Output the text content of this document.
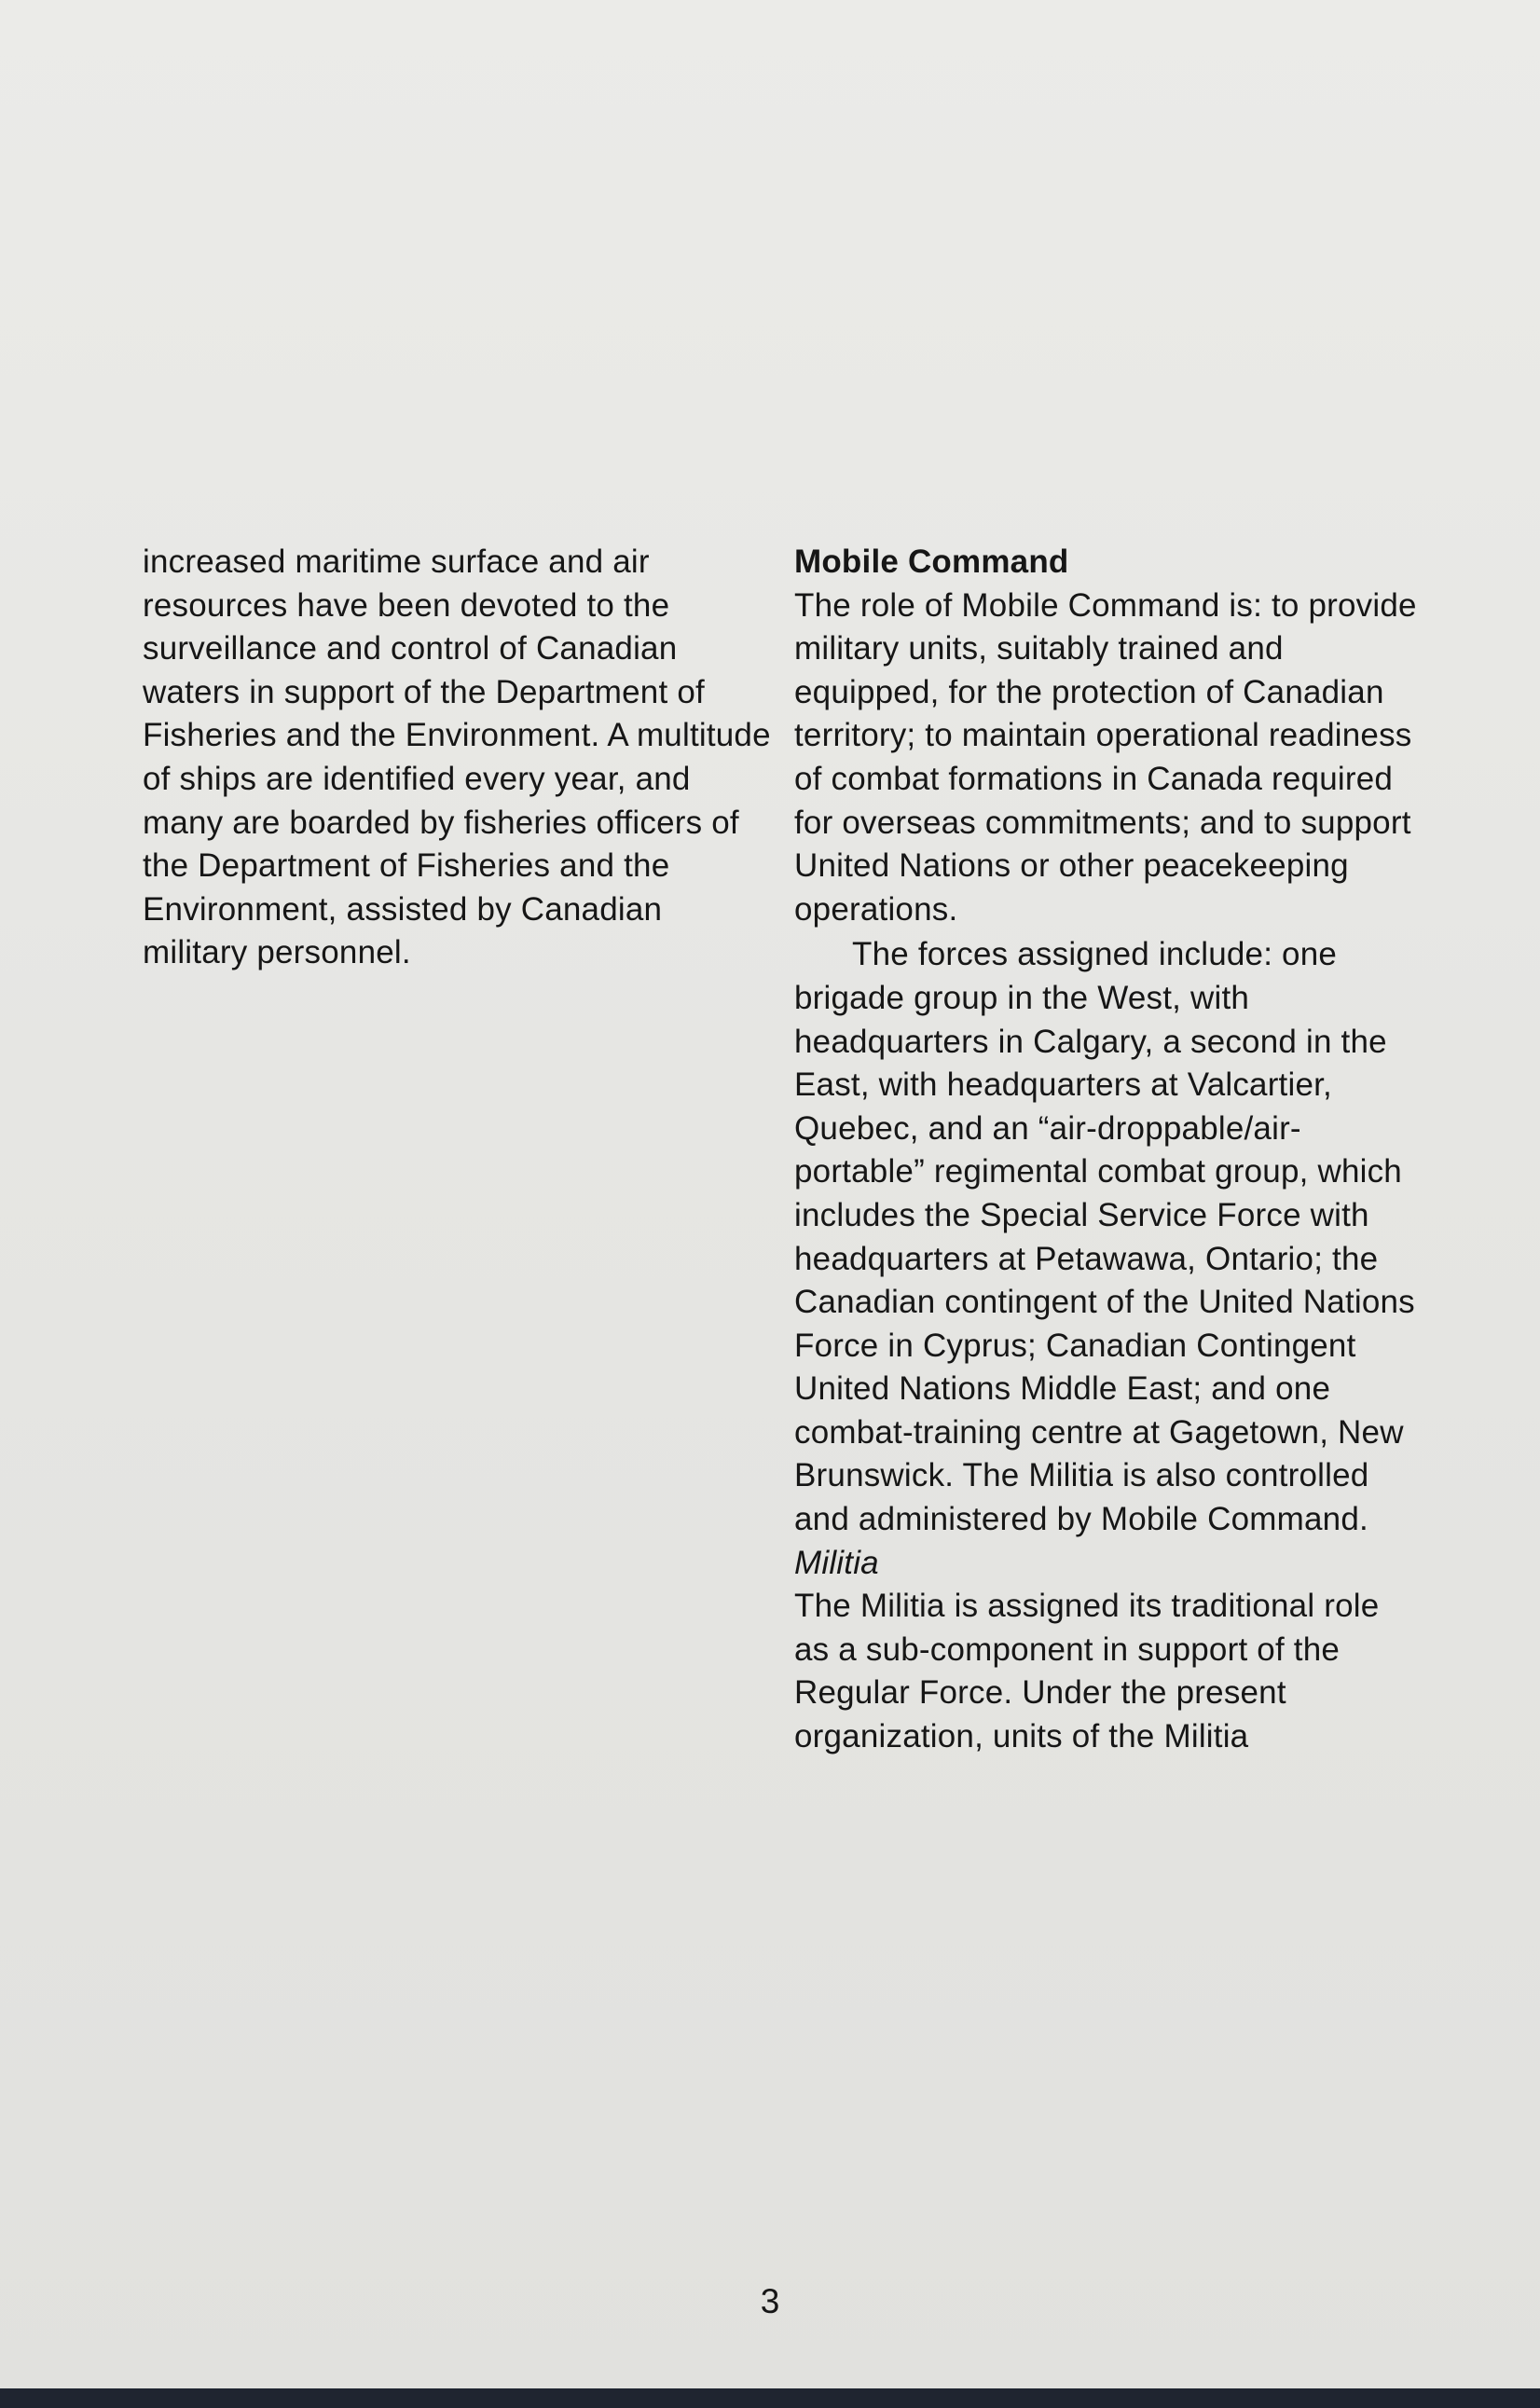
increased maritime surface and air resources have been devoted to the surveillance and control of Canadian waters in support of the Department of Fisheries and the Environment. A multitude of ships are identified every year, and many are boarded by fisheries officers of the Department of Fisheries and the Environment, assisted by Canadian military personnel.

Mobile Command

The role of Mobile Command is: to provide military units, suitably trained and equipped, for the protection of Canadian territory; to maintain operational readiness of combat formations in Canada required for overseas commitments; and to support United Nations or other peacekeeping operations.

The forces assigned include: one brigade group in the West, with headquarters in Calgary, a second in the East, with headquarters at Valcartier, Quebec, and an “air-droppable/air-portable” regimental combat group, which includes the Special Service Force with headquarters at Petawawa, Ontario; the Canadian contingent of the United Nations Force in Cyprus; Canadian Contingent United Nations Middle East; and one combat-training centre at Gagetown, New Brunswick. The Militia is also controlled and administered by Mobile Command.

Militia

The Militia is assigned its traditional role as a sub-component in support of the Regular Force. Under the present organization, units of the Militia

3
